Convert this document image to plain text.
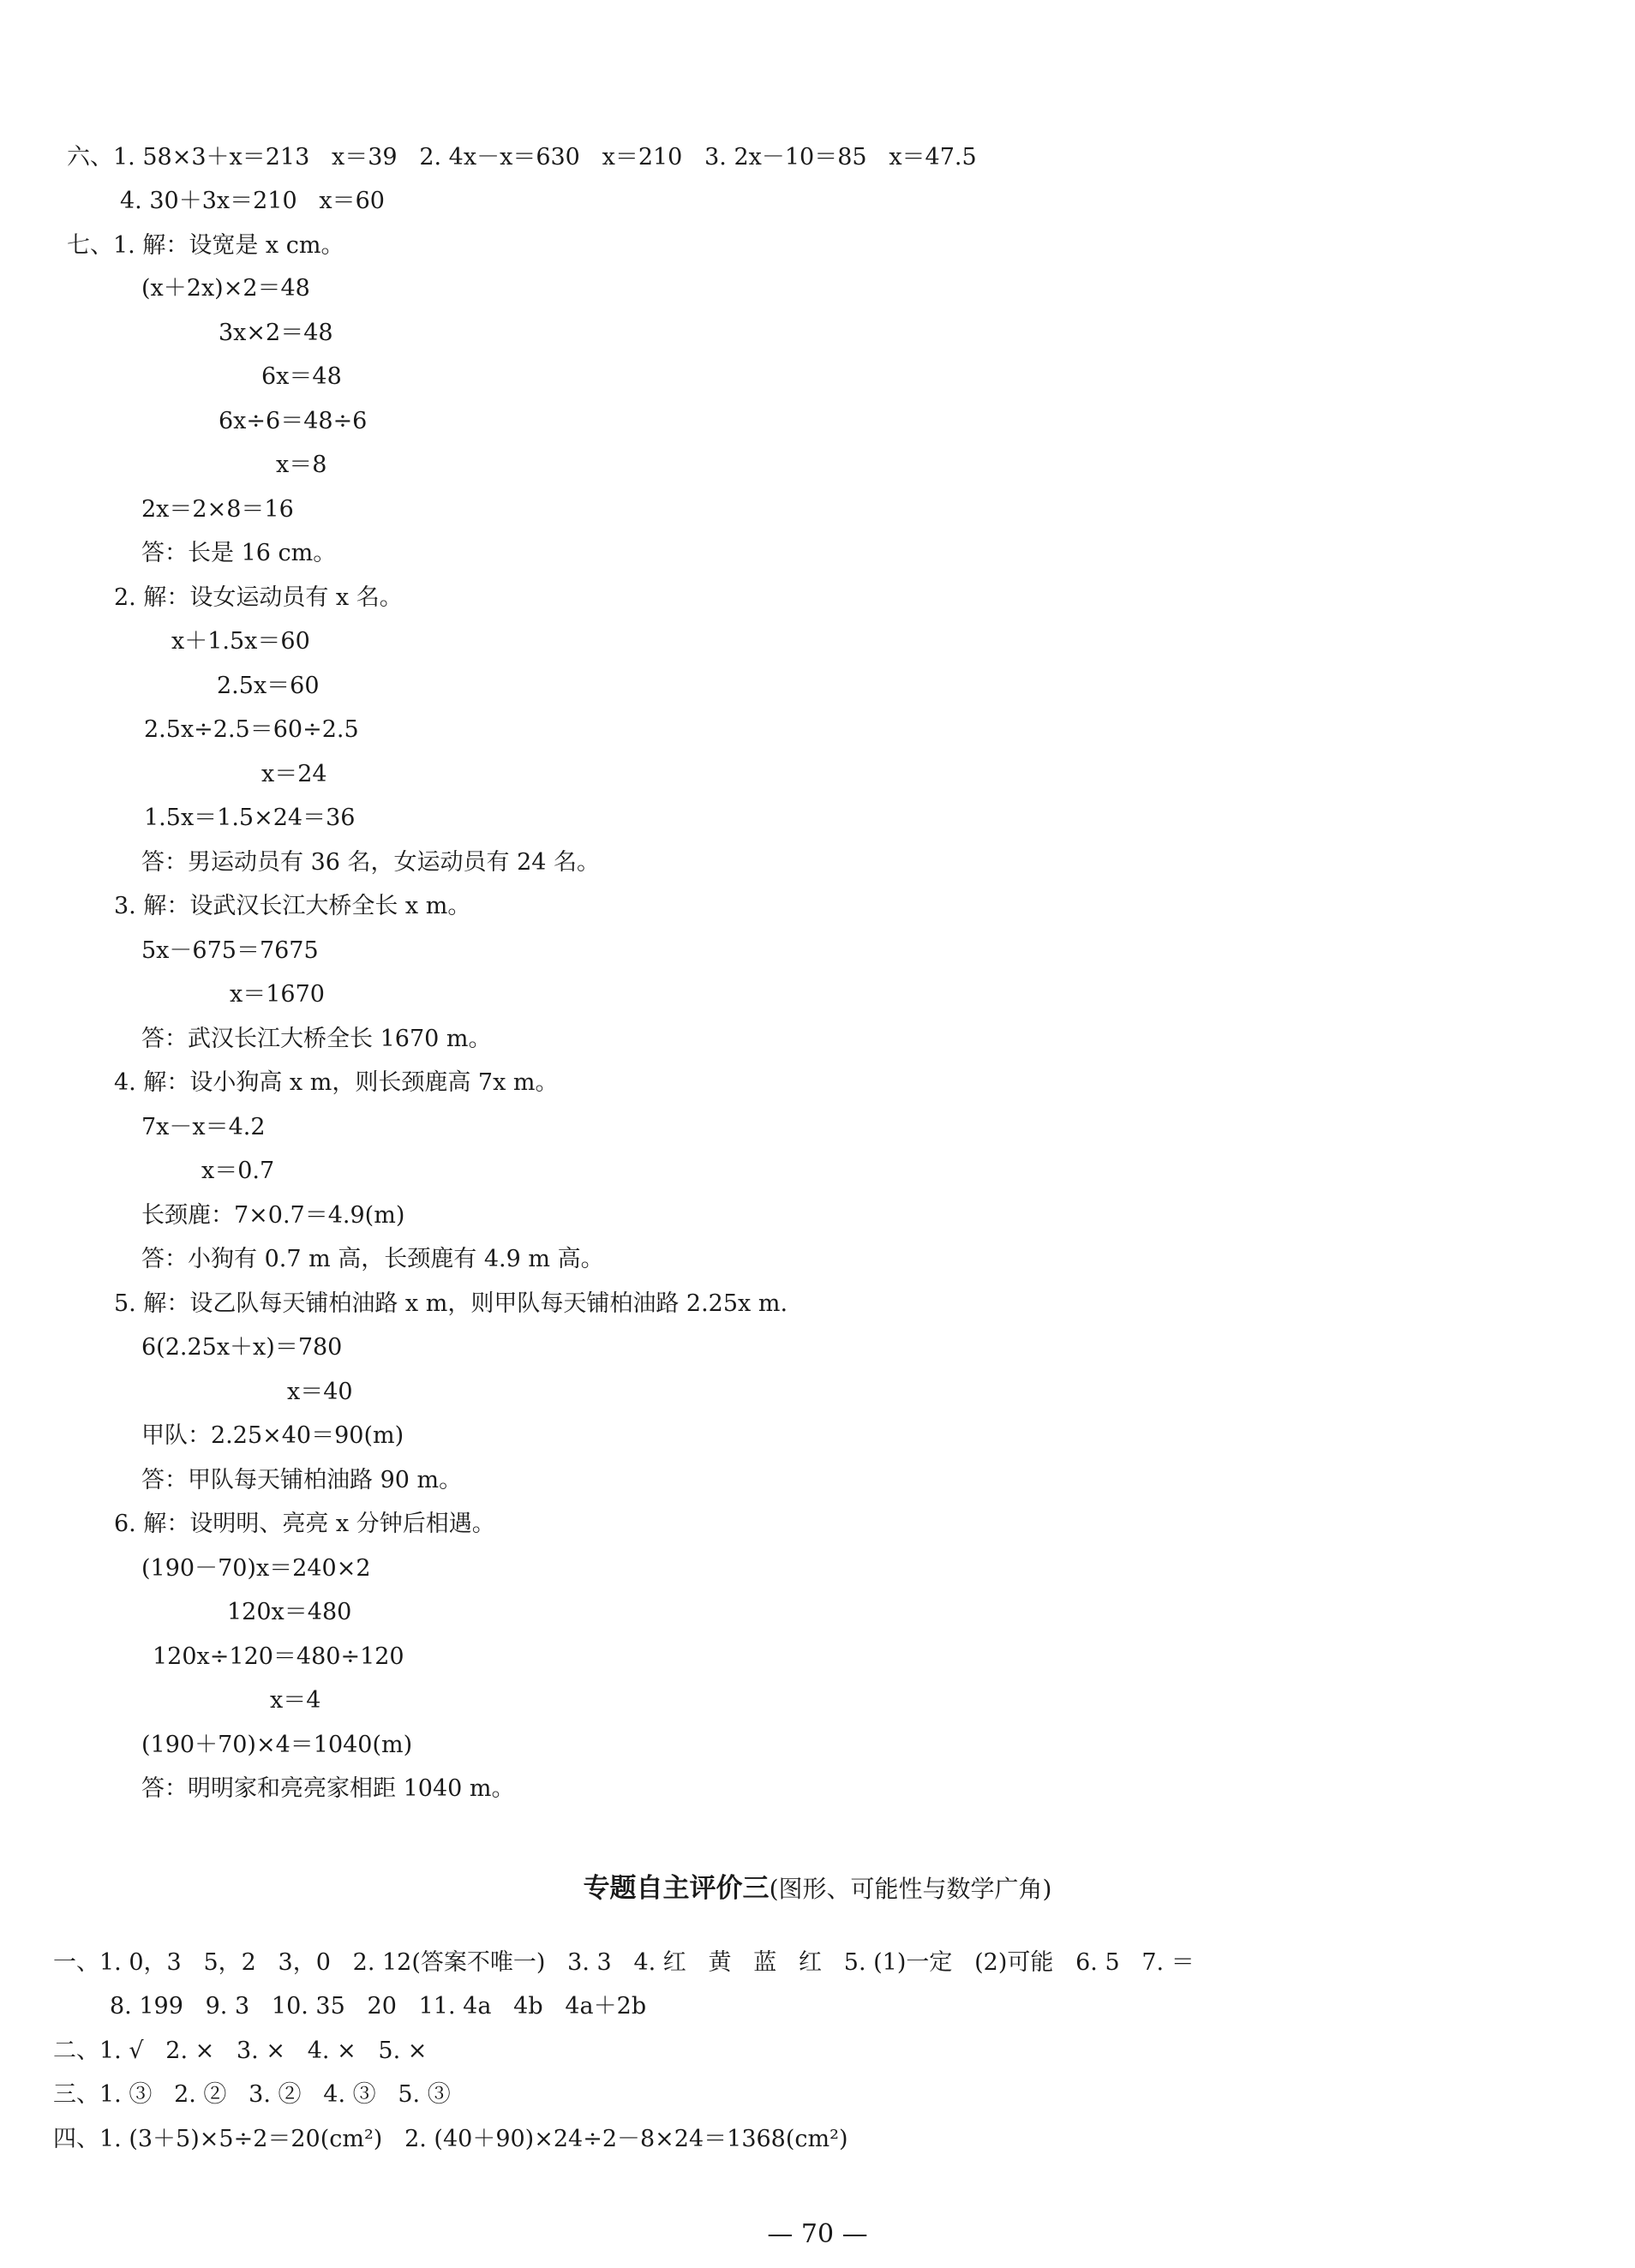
六、1. 58×3＋x＝213   x＝39   2. 4x－x＝630   x＝210   3. 2x－10＝85   x＝47.5
4. 30＋3x＝210   x＝60
七、1. 解：设宽是 x cm。
(x＋2x)×2＝48
3x×2＝48
6x＝48
6x÷6＝48÷6
x＝8
2x＝2×8＝16
答：长是 16 cm。
2. 解：设女运动员有 x 名。
x＋1.5x＝60
2.5x＝60
2.5x÷2.5＝60÷2.5
x＝24
1.5x＝1.5×24＝36
答：男运动员有 36 名，女运动员有 24 名。
3. 解：设武汉长江大桥全长 x m。
5x－675＝7675
x＝1670
答：武汉长江大桥全长 1670 m。
4. 解：设小狗高 x m，则长颈鹿高 7x m。
7x－x＝4.2
x＝0.7
长颈鹿：7×0.7＝4.9(m)
答：小狗有 0.7 m 高，长颈鹿有 4.9 m 高。
5. 解：设乙队每天铺柏油路 x m，则甲队每天铺柏油路 2.25x m.
6(2.25x＋x)＝780
x＝40
甲队：2.25×40＝90(m)
答：甲队每天铺柏油路 90 m。
6. 解：设明明、亮亮 x 分钟后相遇。
(190－70)x＝240×2
120x＝480
120x÷120＝480÷120
x＝4
(190＋70)×4＝1040(m)
答：明明家和亮亮家相距 1040 m。
专题自主评价三(图形、可能性与数学广角)
一、1. 0，3   5，2   3，0   2. 12(答案不唯一)   3. 3   4. 红   黄   蓝   红   5. (1)一定   (2)可能   6. 5   7. ＝
8. 199   9. 3   10. 35   20   11. 4a   4b   4a＋2b
二、1. √   2. ×   3. ×   4. ×   5. ×
三、1. ③   2. ②   3. ②   4. ③   5. ③
四、1. (3＋5)×5÷2＝20(cm²)   2. (40＋90)×24÷2－8×24＝1368(cm²)
— 70 —
